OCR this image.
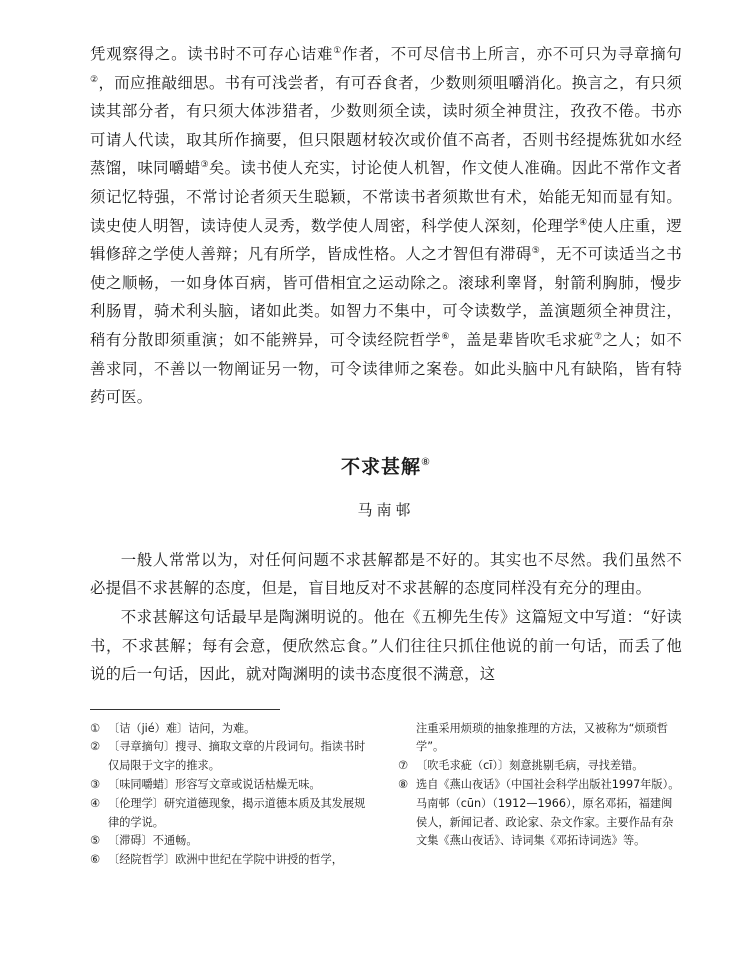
凭观察得之。读书时不可存心诘难①作者，不可尽信书上所言，亦不可只为寻章摘句②，而应推敲细思。书有可浅尝者，有可吞食者，少数则须咀嚼消化。换言之，有只须读其部分者，有只须大体涉猎者，少数则须全读，读时须全神贯注，孜孜不倦。书亦可请人代读，取其所作摘要，但只限题材较次或价值不高者，否则书经提炼犹如水经蒸馏，味同嚼蜡③矣。读书使人充实，讨论使人机智，作文使人准确。因此不常作文者须记忆特强，不常讨论者须天生聪颖，不常读书者须欺世有术，始能无知而显有知。读史使人明智，读诗使人灵秀，数学使人周密，科学使人深刻，伦理学④使人庄重，逻辑修辞之学使人善辩；凡有所学，皆成性格。人之才智但有滞碍⑤，无不可读适当之书使之顺畅，一如身体百病，皆可借相宜之运动除之。滚球利睾肾，射箭利胸肺，慢步利肠胃，骑术利头脑，诸如此类。如智力不集中，可令读数学，盖演题须全神贯注，稍有分散即须重演；如不能辨异，可令读经院哲学⑥，盖是辈皆吹毛求疵⑦之人；如不善求同，不善以一物阐证另一物，可令读律师之案卷。如此头脑中凡有缺陷，皆有特药可医。

不求甚解⑧
马南邨

一般人常常以为，对任何问题不求甚解都是不好的。其实也不尽然。我们虽然不必提倡不求甚解的态度，但是，盲目地反对不求甚解的态度同样没有充分的理由。

不求甚解这句话最早是陶渊明说的。他在《五柳先生传》这篇短文中写道：“好读书，不求甚解；每有会意，便欣然忘食。”人们往往只抓住他说的前一句话，而丢了他说的后一句话，因此，就对陶渊明的读书态度很不满意，这

① 〔诘（jié）难〕诘问，为难。

② 〔寻章摘句〕搜寻、摘取文章的片段词句。指读书时仅局限于文字的推求。

③ 〔味同嚼蜡〕形容写文章或说话枯燥无味。

④ 〔伦理学〕研究道德现象，揭示道德本质及其发展规律的学说。

⑤ 〔滞碍〕不通畅。

⑥ 〔经院哲学〕欧洲中世纪在学院中讲授的哲学，

注重采用烦琐的抽象推理的方法，又被称为“烦琐哲学”。

⑦ 〔吹毛求疵（cī）〕刻意挑剔毛病，寻找差错。

⑧ 选自《燕山夜话》（中国社会科学出版社1997年版）。马南邨（cūn）（1912—1966），原名邓拓，福建闽侯人，新闻记者、政论家、杂文作家。主要作品有杂文集《燕山夜话》、诗词集《邓拓诗词选》等。
